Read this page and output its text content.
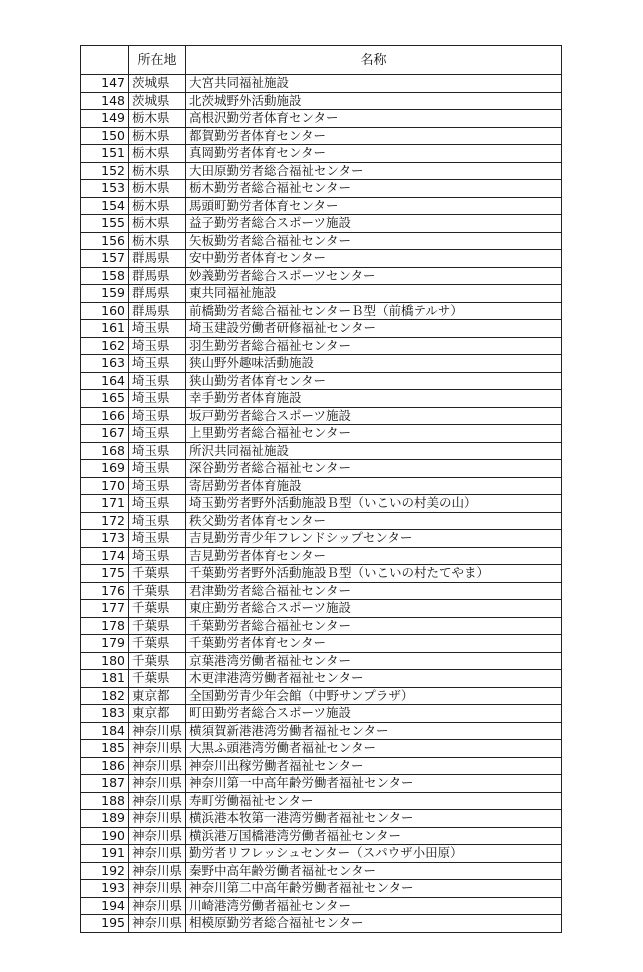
	所在地	名称
147	茨城県	大宮共同福祉施設
148	茨城県	北茨城野外活動施設
149	栃木県	高根沢勤労者体育センター
150	栃木県	都賀勤労者体育センター
151	栃木県	真岡勤労者体育センター
152	栃木県	大田原勤労者総合福祉センター
153	栃木県	栃木勤労者総合福祉センター
154	栃木県	馬頭町勤労者体育センター
155	栃木県	益子勤労者総合スポーツ施設
156	栃木県	矢板勤労者総合福祉センター
157	群馬県	安中勤労者体育センター
158	群馬県	妙義勤労者総合スポーツセンター
159	群馬県	東共同福祉施設
160	群馬県	前橋勤労者総合福祉センターＢ型（前橋テルサ）
161	埼玉県	埼玉建設労働者研修福祉センター
162	埼玉県	羽生勤労者総合福祉センター
163	埼玉県	狭山野外趣味活動施設
164	埼玉県	狭山勤労者体育センター
165	埼玉県	幸手勤労者体育施設
166	埼玉県	坂戸勤労者総合スポーツ施設
167	埼玉県	上里勤労者総合福祉センター
168	埼玉県	所沢共同福祉施設
169	埼玉県	深谷勤労者総合福祉センター
170	埼玉県	寄居勤労者体育施設
171	埼玉県	埼玉勤労者野外活動施設Ｂ型（いこいの村美の山）
172	埼玉県	秩父勤労者体育センター
173	埼玉県	吉見勤労青少年フレンドシップセンター
174	埼玉県	吉見勤労者体育センター
175	千葉県	千葉勤労者野外活動施設Ｂ型（いこいの村たてやま）
176	千葉県	君津勤労者総合福祉センター
177	千葉県	東庄勤労者総合スポーツ施設
178	千葉県	千葉勤労者総合福祉センター
179	千葉県	千葉勤労者体育センター
180	千葉県	京葉港湾労働者福祉センター
181	千葉県	木更津港湾労働者福祉センター
182	東京都	全国勤労青少年会館（中野サンプラザ）
183	東京都	町田勤労者総合スポーツ施設
184	神奈川県	横須賀新港港湾労働者福祉センター
185	神奈川県	大黒ふ頭港湾労働者福祉センター
186	神奈川県	神奈川出稼労働者福祉センター
187	神奈川県	神奈川第一中高年齢労働者福祉センター
188	神奈川県	寿町労働福祉センター
189	神奈川県	横浜港本牧第一港湾労働者福祉センター
190	神奈川県	横浜港万国橋港湾労働者福祉センター
191	神奈川県	勤労者リフレッシュセンター（スパウザ小田原）
192	神奈川県	秦野中高年齢労働者福祉センター
193	神奈川県	神奈川第二中高年齢労働者福祉センター
194	神奈川県	川崎港湾労働者福祉センター
195	神奈川県	相模原勤労者総合福祉センター
